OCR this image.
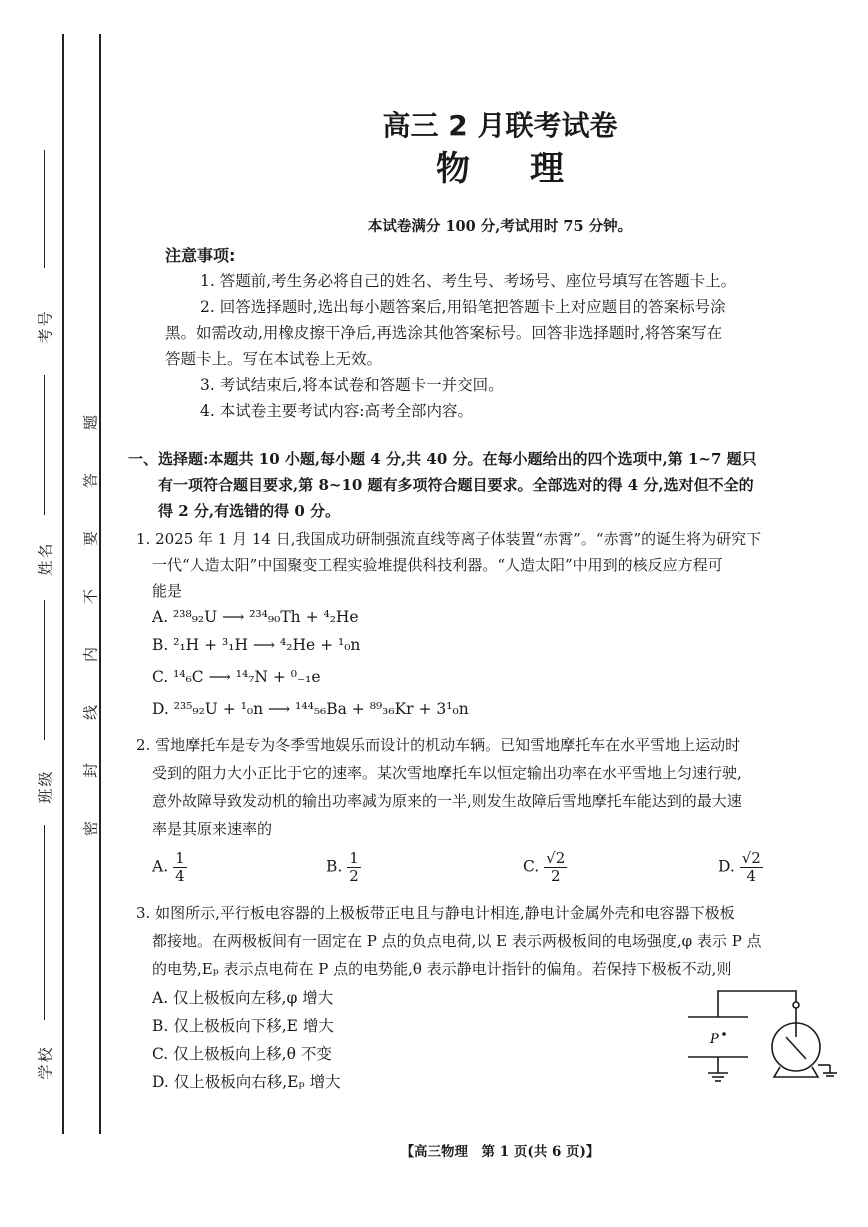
考号
姓名
班级
学校
题
答
要
不
内
线
封
密
高三 2 月联考试卷
物理
本试卷满分 100 分,考试用时 75 分钟。
注意事项:
1. 答题前,考生务必将自己的姓名、考生号、考场号、座位号填写在答题卡上。
2. 回答选择题时,选出每小题答案后,用铅笔把答题卡上对应题目的答案标号涂
黑。如需改动,用橡皮擦干净后,再选涂其他答案标号。回答非选择题时,将答案写在
答题卡上。写在本试卷上无效。
3. 考试结束后,将本试卷和答题卡一并交回。
4. 本试卷主要考试内容:高考全部内容。
一、选择题:本题共 10 小题,每小题 4 分,共 40 分。在每小题给出的四个选项中,第 1~7 题只
有一项符合题目要求,第 8~10 题有多项符合题目要求。全部选对的得 4 分,选对但不全的
得 2 分,有选错的得 0 分。
1. 2025 年 1 月 14 日,我国成功研制强流直线等离子体装置“赤霄”。“赤霄”的诞生将为研究下
一代“人造太阳”中国聚变工程实验堆提供科技利器。“人造太阳”中用到的核反应方程可
能是
A. ²³⁸₉₂U ⟶ ²³⁴₉₀Th + ⁴₂He
B. ²₁H + ³₁H ⟶ ⁴₂He + ¹₀n
C. ¹⁴₆C ⟶ ¹⁴₇N + ⁰₋₁e
D. ²³⁵₉₂U + ¹₀n ⟶ ¹⁴⁴₅₆Ba + ⁸⁹₃₆Kr + 3¹₀n
2. 雪地摩托车是专为冬季雪地娱乐而设计的机动车辆。已知雪地摩托车在水平雪地上运动时
受到的阻力大小正比于它的速率。某次雪地摩托车以恒定输出功率在水平雪地上匀速行驶,
意外故障导致发动机的输出功率减为原来的一半,则发生故障后雪地摩托车能达到的最大速
率是其原来速率的
A. $\frac{1}{4}$	B. $\frac{1}{2}$	C. $\frac{√2}{2}$	D. $\frac{√2}{4}$
3. 如图所示,平行板电容器的上极板带正电且与静电计相连,静电计金属外壳和电容器下极板
都接地。在两极板间有一固定在 P 点的负点电荷,以 E 表示两极板间的电场强度,φ 表示 P 点
的电势,Eₚ 表示点电荷在 P 点的电势能,θ 表示静电计指针的偏角。若保持下极板不动,则
A. 仅上极板向左移,φ 增大
B. 仅上极板向下移,E 增大
C. 仅上极板向上移,θ 不变
D. 仅上极板向右移,Eₚ 增大
P
【高三物理　第 1 页(共 6 页)】
